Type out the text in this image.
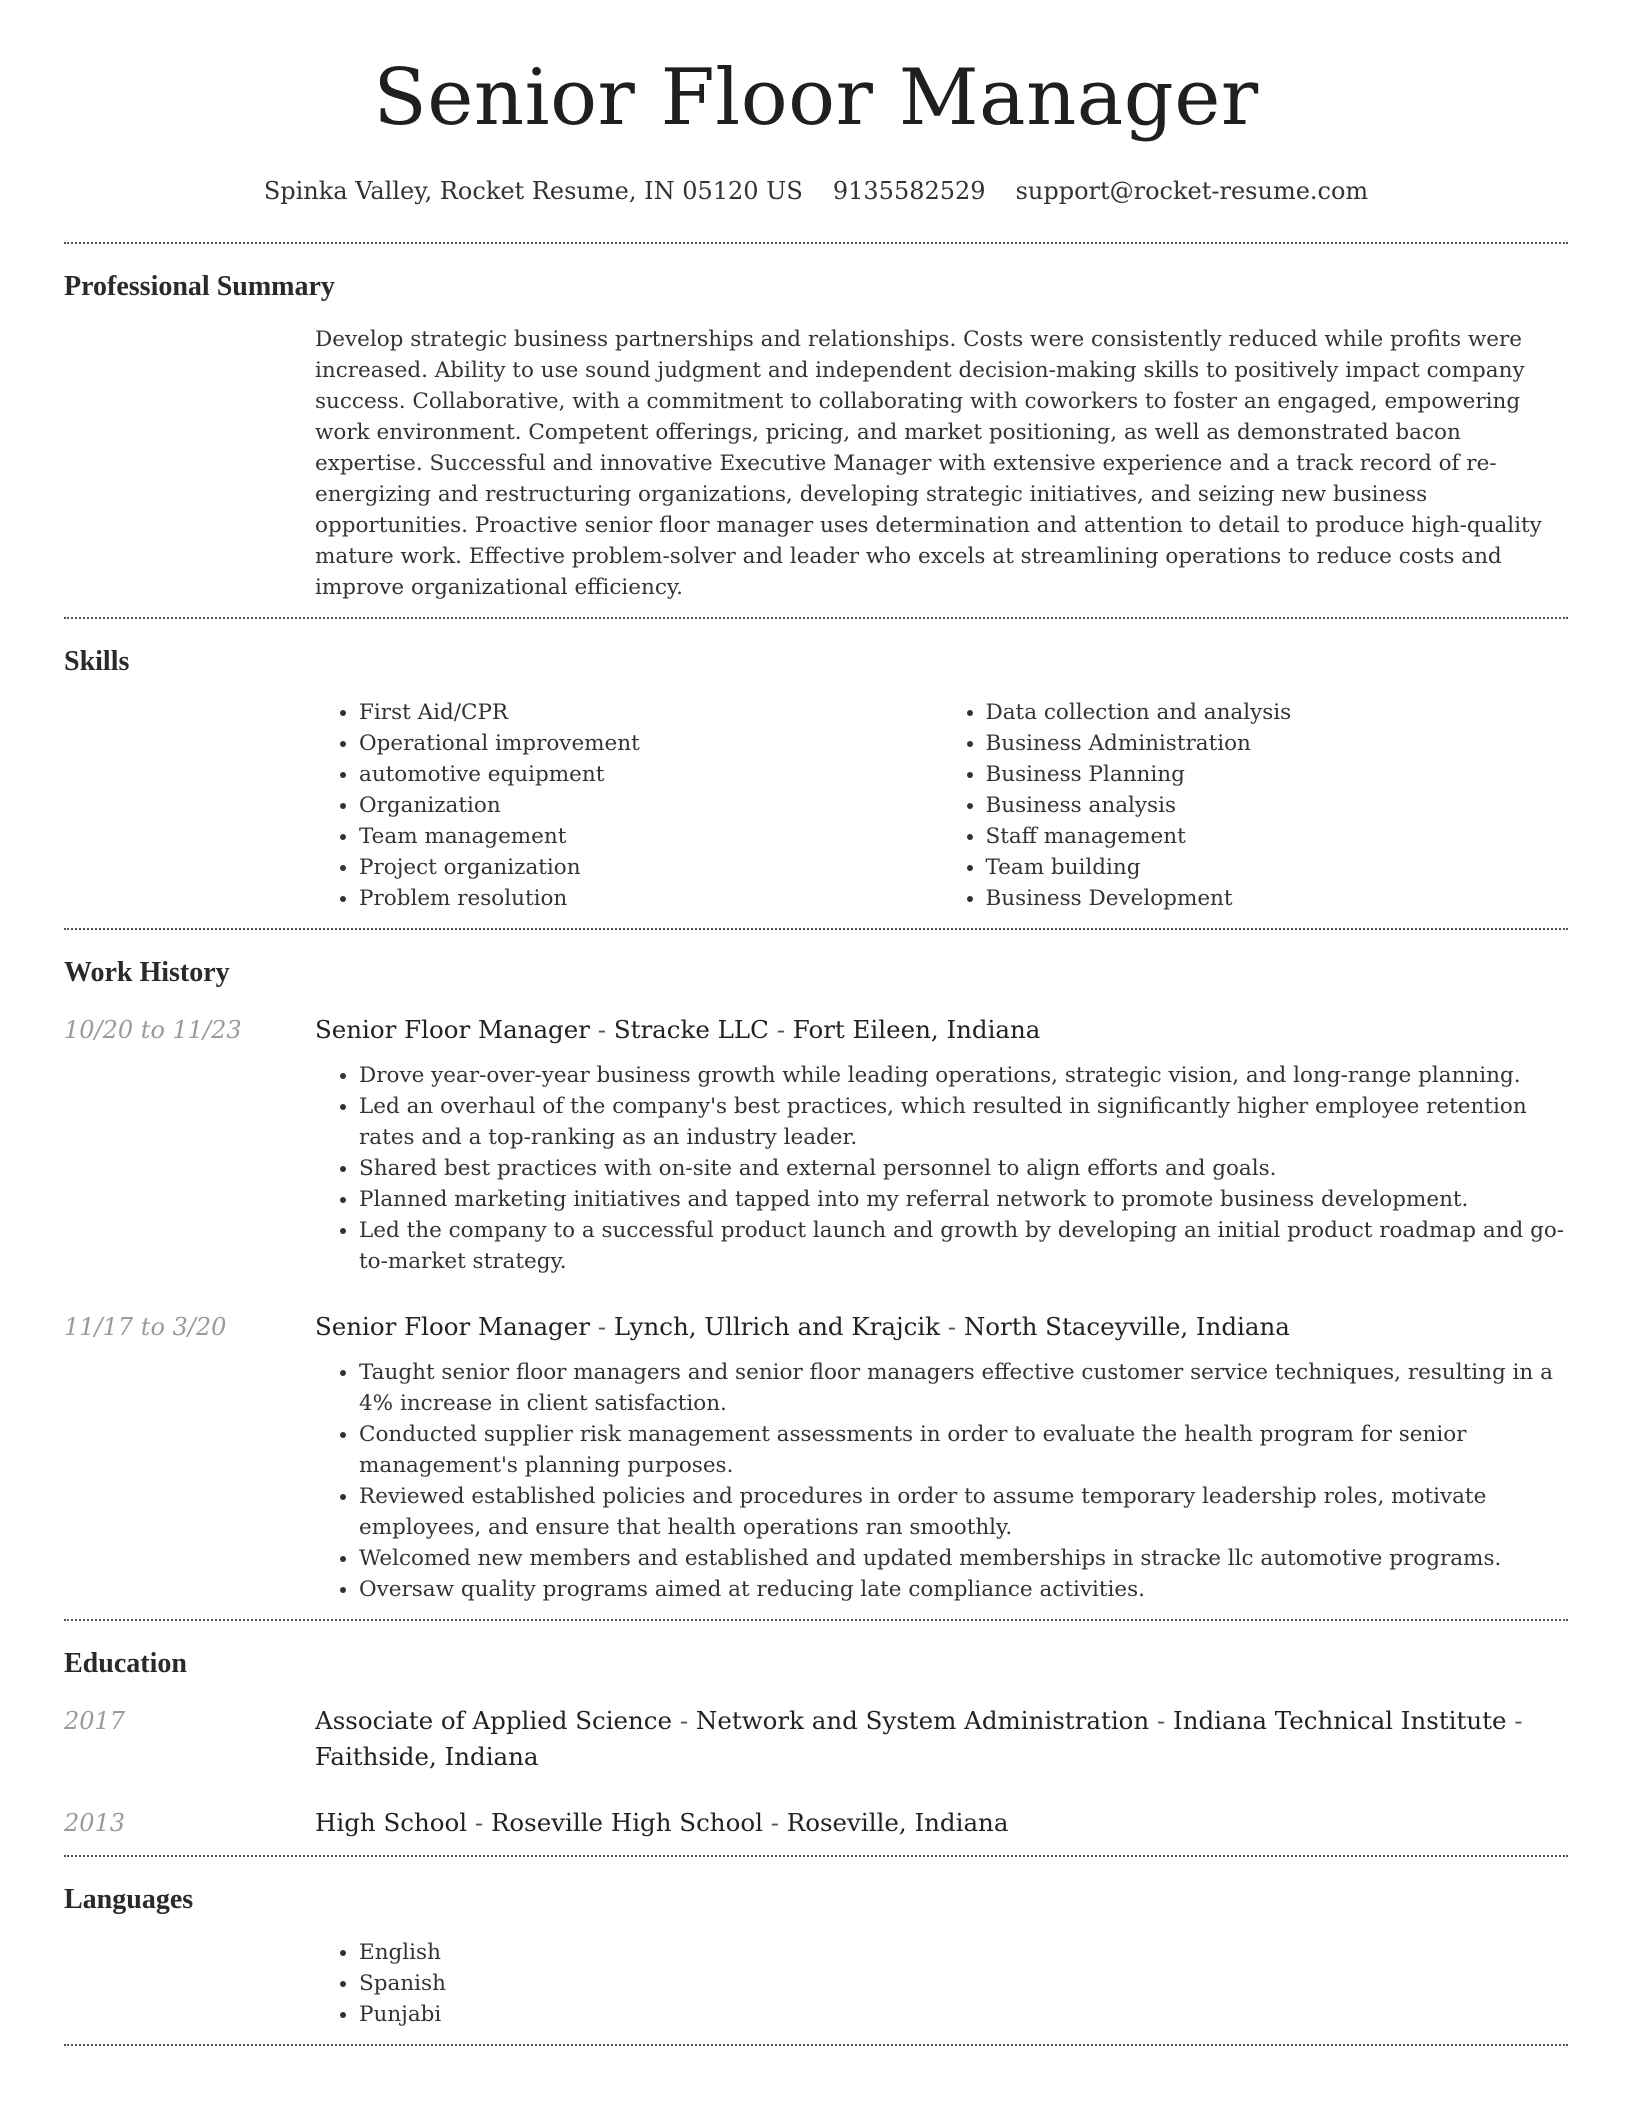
Senior Floor Manager
Spinka Valley, Rocket Resume, IN 05120 US 9135582529 support@rocket-resume.com
Professional Summary
Develop strategic business partnerships and relationships. Costs were consistently reduced while profits were increased. Ability to use sound judgment and independent decision-making skills to positively impact company success. Collaborative, with a commitment to collaborating with coworkers to foster an engaged, empowering work environment. Competent offerings, pricing, and market positioning, as well as demonstrated bacon expertise. Successful and innovative Executive Manager with extensive experience and a track record of re-energizing and restructuring organizations, developing strategic initiatives, and seizing new business opportunities. Proactive senior floor manager uses determination and attention to detail to produce high-quality mature work. Effective problem-solver and leader who excels at streamlining operations to reduce costs and improve organizational efficiency.
Skills
• First Aid/CPR
• Operational improvement
• automotive equipment
• Organization
• Team management
• Project organization
• Problem resolution
• Data collection and analysis
• Business Administration
• Business Planning
• Business analysis
• Staff management
• Team building
• Business Development
Work History
10/20 to 11/23	Senior Floor Manager - Stracke LLC - Fort Eileen, Indiana
• Drove year-over-year business growth while leading operations, strategic vision, and long-range planning.
• Led an overhaul of the company's best practices, which resulted in significantly higher employee retention rates and a top-ranking as an industry leader.
• Shared best practices with on-site and external personnel to align efforts and goals.
• Planned marketing initiatives and tapped into my referral network to promote business development.
• Led the company to a successful product launch and growth by developing an initial product roadmap and go-to-market strategy.
11/17 to 3/20	Senior Floor Manager - Lynch, Ullrich and Krajcik - North Staceyville, Indiana
• Taught senior floor managers and senior floor managers effective customer service techniques, resulting in a 4% increase in client satisfaction.
• Conducted supplier risk management assessments in order to evaluate the health program for senior management's planning purposes.
• Reviewed established policies and procedures in order to assume temporary leadership roles, motivate employees, and ensure that health operations ran smoothly.
• Welcomed new members and established and updated memberships in stracke llc automotive programs.
• Oversaw quality programs aimed at reducing late compliance activities.
Education
2017	Associate of Applied Science - Network and System Administration - Indiana Technical Institute - Faithside, Indiana
2013	High School - Roseville High School - Roseville, Indiana
Languages
• English
• Spanish
• Punjabi
